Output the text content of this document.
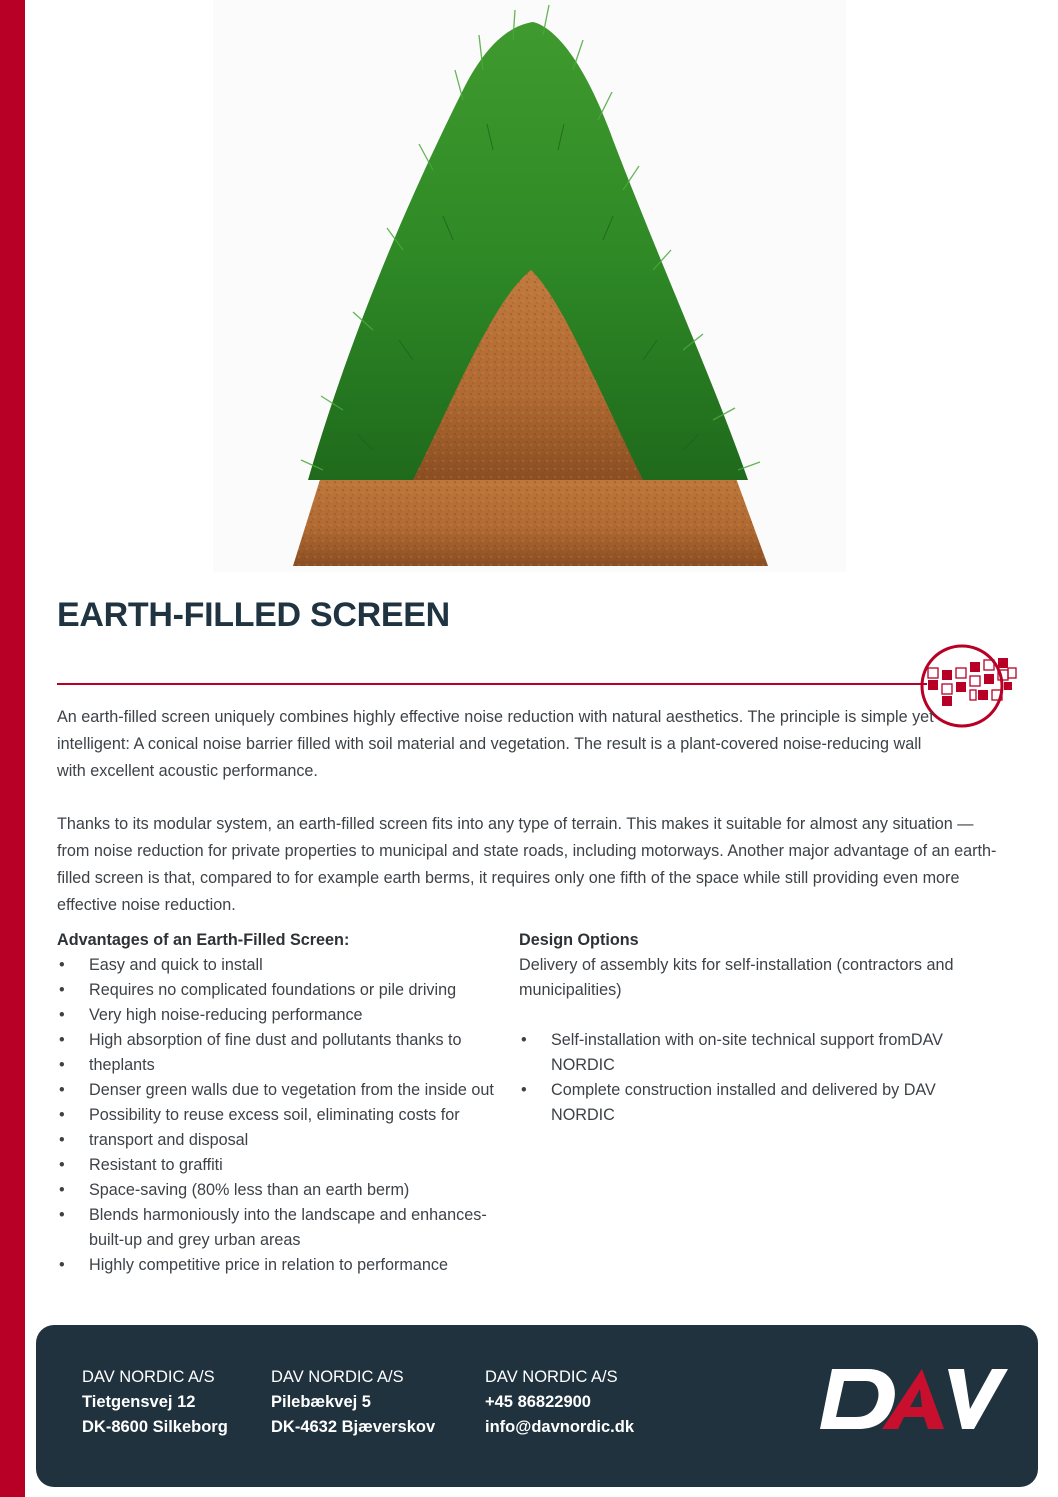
EARTH-FILLED SCREEN

An earth-filled screen uniquely combines highly effective noise reduction with natural aesthetics. The principle is simple yet intelligent: A conical noise barrier filled with soil material and vegetation. The result is a plant-covered noise-reducing wall with excellent acoustic performance.

Thanks to its modular system, an earth-filled screen fits into any type of terrain. This makes it suitable for almost any situation — from noise reduction for private properties to municipal and state roads, including motorways. Another major advantage of an earth-filled screen is that, compared to for example earth berms, it requires only one fifth of the space while still providing even more effective noise reduction.

Advantages of an Earth-Filled Screen:
• Easy and quick to install
• Requires no complicated foundations or pile driving
• Very high noise-reducing performance
• High absorption of fine dust and pollutants thanks to
• theplants
• Denser green walls due to vegetation from the inside out
• Possibility to reuse excess soil, eliminating costs for
• transport and disposal
• Resistant to graffiti
• Space-saving (80% less than an earth berm)
• Blends harmoniously into the landscape and enhances- built-up and grey urban areas
• Highly competitive price in relation to performance
Design Options

Delivery of assembly kits for self-installation (contractors and municipalities)

• Self-installation with on-site technical support fromDAV NORDIC
• Complete construction installed and delivered by DAV NORDIC
DAV NORDIC A/S
Tietgensvej 12
DK-8600 Silkeborg
DAV NORDIC A/S
Pilebækvej 5
DK-4632 Bjæverskov
DAV NORDIC A/S
+45 86822900
info@davnordic.dk
